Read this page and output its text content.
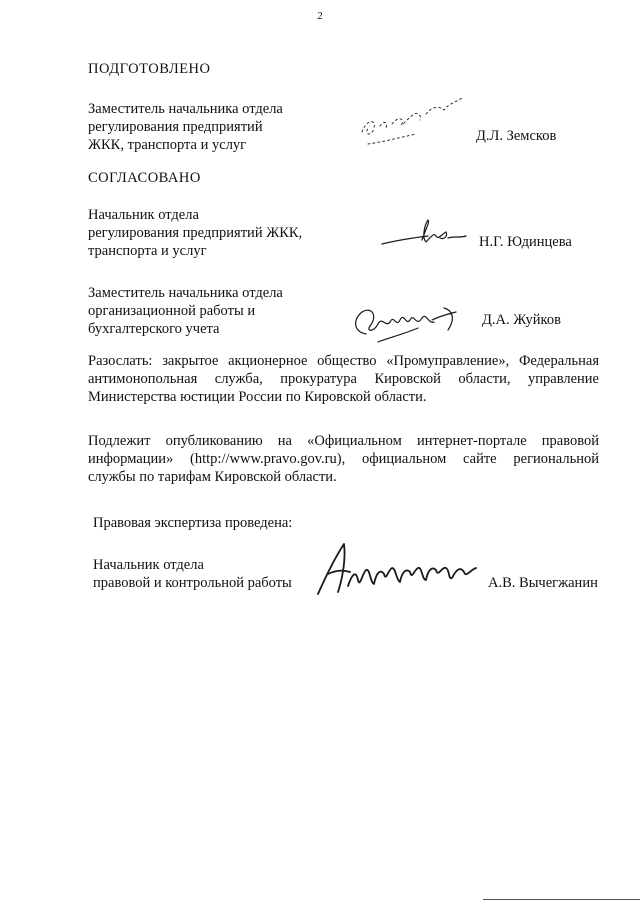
2
ПОДГОТОВЛЕНО
Заместитель начальника отдела
регулирования предприятий
ЖКК, транспорта и услуг
Д.Л. Земсков
СОГЛАСОВАНО
Начальник отдела
регулирования предприятий ЖКК,
транспорта и услуг
Н.Г. Юдинцева
Заместитель начальника отдела
организационной работы и
бухгалтерского учета
Д.А. Жуйков
Разослать: закрытое акционерное общество «Промуправление», Федеральная
антимонопольная служба, прокуратура Кировской области, управление
Министерства юстиции России по Кировской области.
Подлежит опубликованию на «Официальном интернет-портале правовой
информации» (http://www.pravo.gov.ru), официальном сайте региональной
службы по тарифам Кировской области.
Правовая экспертиза проведена:
Начальник отдела
правовой и контрольной работы	А.В. Вычегжанин
